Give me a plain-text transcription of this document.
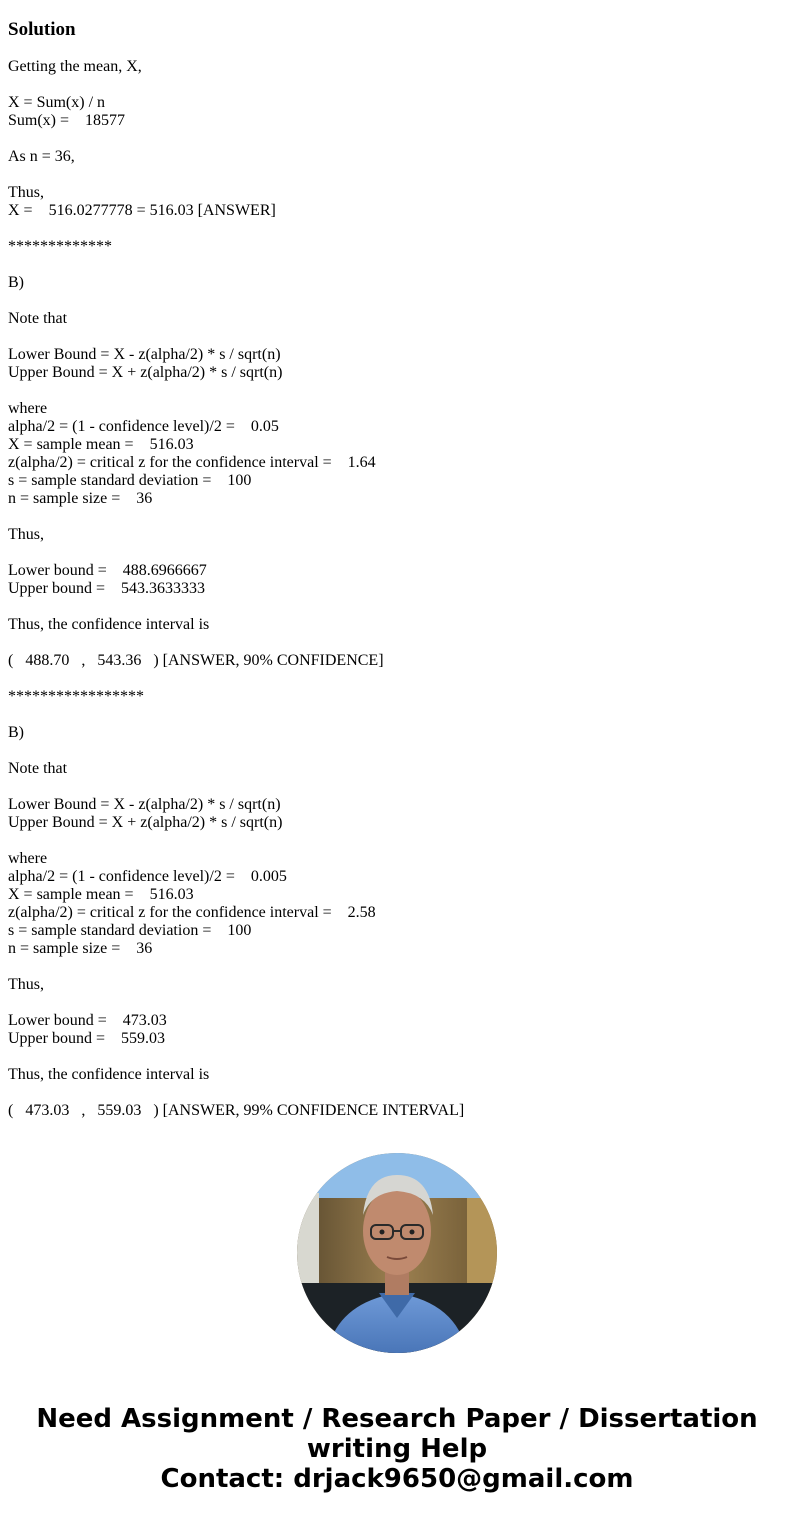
Solution
Getting the mean, X,
X = Sum(x) / n
Sum(x) =    18577
As n = 36,
Thus,
X =    516.0277778 = 516.03 [ANSWER]
*************
B)
Note that
Lower Bound = X - z(alpha/2) * s / sqrt(n)
Upper Bound = X + z(alpha/2) * s / sqrt(n)
where
alpha/2 = (1 - confidence level)/2 =    0.05
X = sample mean =    516.03
z(alpha/2) = critical z for the confidence interval =    1.64
s = sample standard deviation =    100
n = sample size =    36
Thus,
Lower bound =    488.6966667
Upper bound =    543.3633333
Thus, the confidence interval is
(   488.70   ,   543.36   ) [ANSWER, 90% CONFIDENCE]
*****************
B)
Note that
Lower Bound = X - z(alpha/2) * s / sqrt(n)
Upper Bound = X + z(alpha/2) * s / sqrt(n)
where
alpha/2 = (1 - confidence level)/2 =    0.005
X = sample mean =    516.03
z(alpha/2) = critical z for the confidence interval =    2.58
s = sample standard deviation =    100
n = sample size =    36
Thus,
Lower bound =    473.03
Upper bound =    559.03
Thus, the confidence interval is
(   473.03   ,   559.03   ) [ANSWER, 99% CONFIDENCE INTERVAL]
Need Assignment / Research Paper / Dissertation
writing Help
Contact: drjack9650@gmail.com
